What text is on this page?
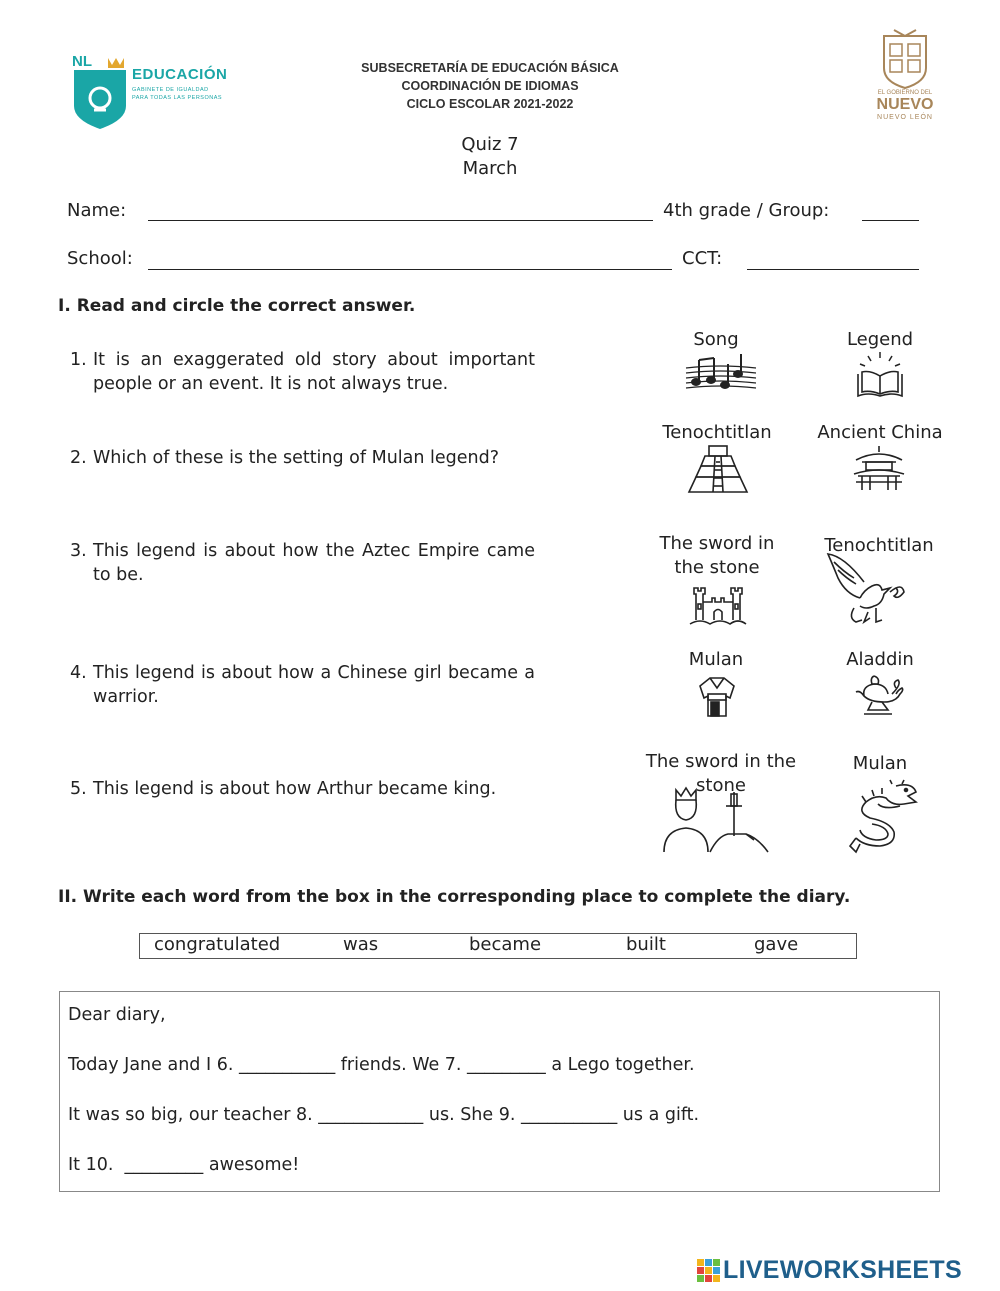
NL
EDUCACIÓN
GABINETE DE IGUALDAD
PARA TODAS LAS PERSONAS
SUBSECRETARÍA DE EDUCACIÓN BÁSICA
COORDINACIÓN DE IDIOMAS
CICLO ESCOLAR 2021-2022
EL GOBIERNO DEL
NUEVO
NUEVO LEÓN
Quiz 7
March
Name:	4th grade / Group:
School:	CCT:
I. Read and circle the correct answer.
1. It is an exaggerated old story about important people or an event. It is not always true.
Song	Legend
2. Which of these is the setting of Mulan legend?
Tenochtitlan	Ancient China
3. This legend is about how the Aztec Empire came to be.
The sword in the stone
Tenochtitlan
4. This legend is about how a Chinese girl became a warrior.
Mulan	Aladdin
5. This legend is about how Arthur became king.
The sword in the stone
Mulan
II. Write each word from the box in the corresponding place to complete the diary.
congratulated	was	became	built	gave
Dear diary,
Today Jane and I 6. ___________ friends. We 7. _________ a Lego together.
It was so big, our teacher 8. ____________ us. She 9. ___________ us a gift.
It 10.  _________ awesome!
LIVEWORKSHEETS
